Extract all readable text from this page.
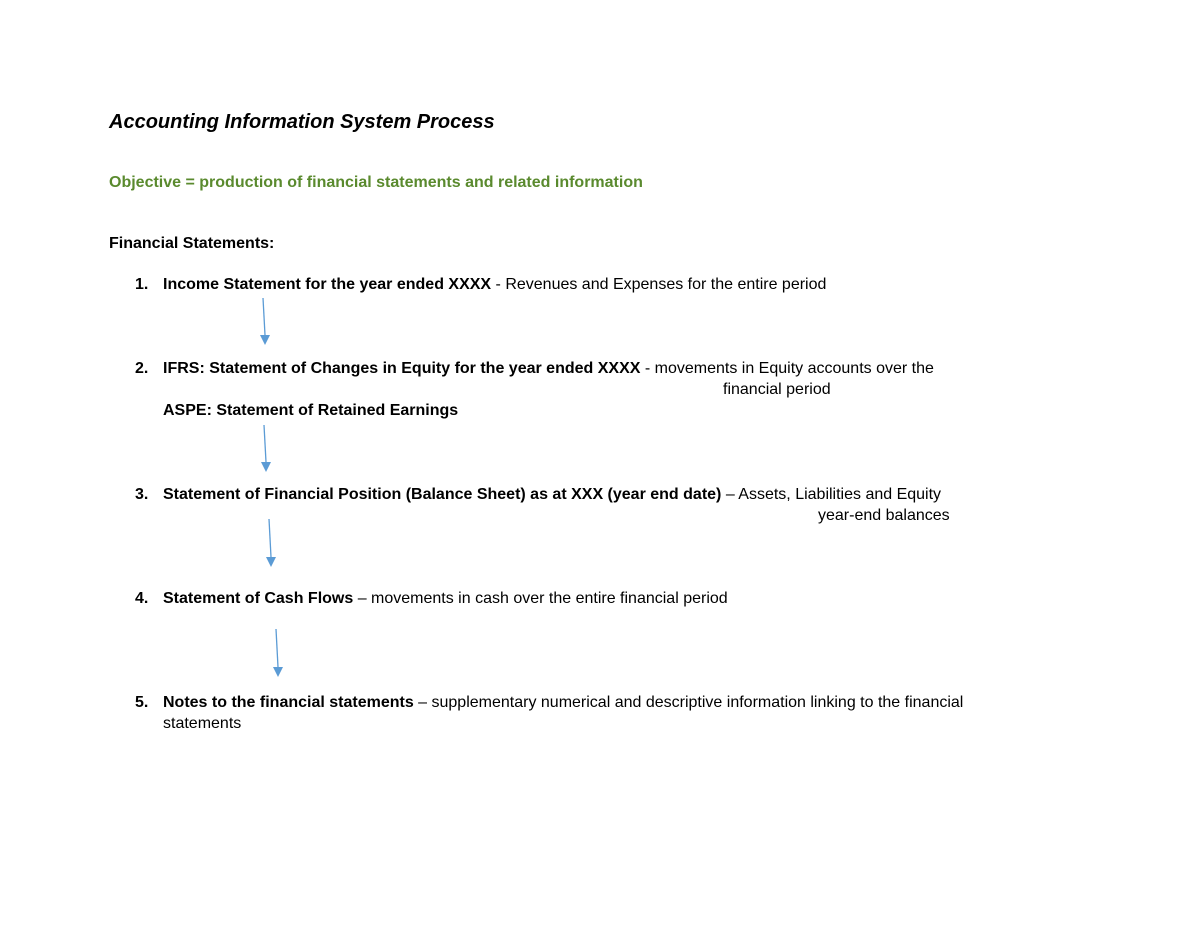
Accounting Information System Process
Objective = production of financial statements and related information
Financial Statements:
1. Income Statement for the year ended XXXX - Revenues and Expenses for the entire period
2. IFRS: Statement of Changes in Equity for the year ended XXXX - movements in Equity accounts over the
financial period
ASPE: Statement of Retained Earnings
3. Statement of Financial Position (Balance Sheet) as at XXX (year end date) – Assets, Liabilities and Equity
year-end balances
4. Statement of Cash Flows – movements in cash over the entire financial period
5. Notes to the financial statements – supplementary numerical and descriptive information linking to the financial
statements
